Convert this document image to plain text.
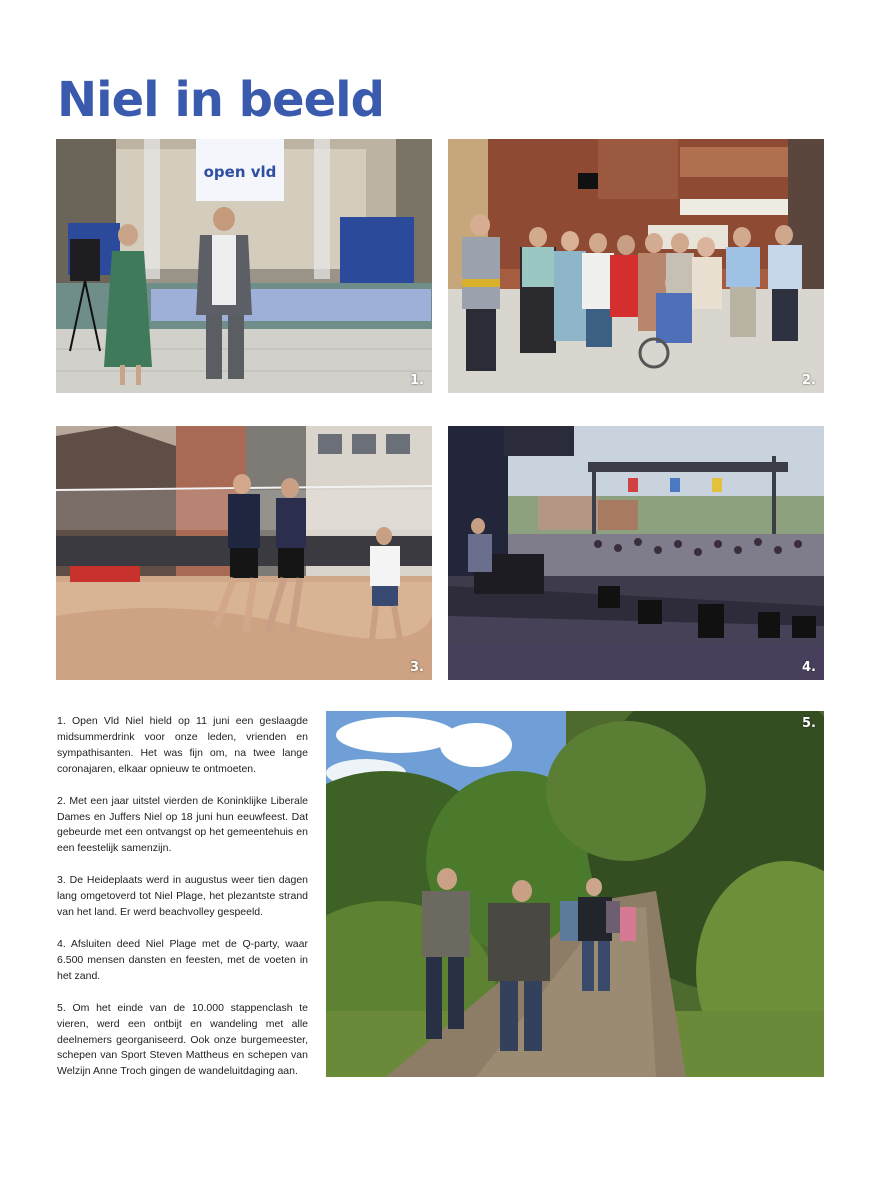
Niel in beeld
open vld
1.	2.
3.	4.
5.

1. Open Vld Niel hield op 11 juni een geslaagde midsummerdrink voor onze leden, vrienden en sympathisanten. Het was fijn om, na twee lange coronajaren, elkaar opnieuw te ontmoeten.

2. Met een jaar uitstel vierden de Koninklijke Liberale Dames en Juffers Niel op 18 juni hun eeuwfeest. Dat gebeurde met een ontvangst op het gemeentehuis en een feestelijk samenzijn.

3. De Heideplaats werd in augustus weer tien dagen lang omgetoverd tot Niel Plage, het plezantste strand van het land. Er werd beachvolley gespeeld.

4. Afsluiten deed Niel Plage met de Q-party, waar 6.500 mensen dansten en feesten, met de voeten in het zand.

5. Om het einde van de 10.000 stappenclash te vieren, werd een ontbijt en wandeling met alle deelnemers georganiseerd. Ook onze burgemeester, schepen van Sport Steven Mattheus en schepen van Welzijn Anne Troch gingen de wandeluitdaging aan.
